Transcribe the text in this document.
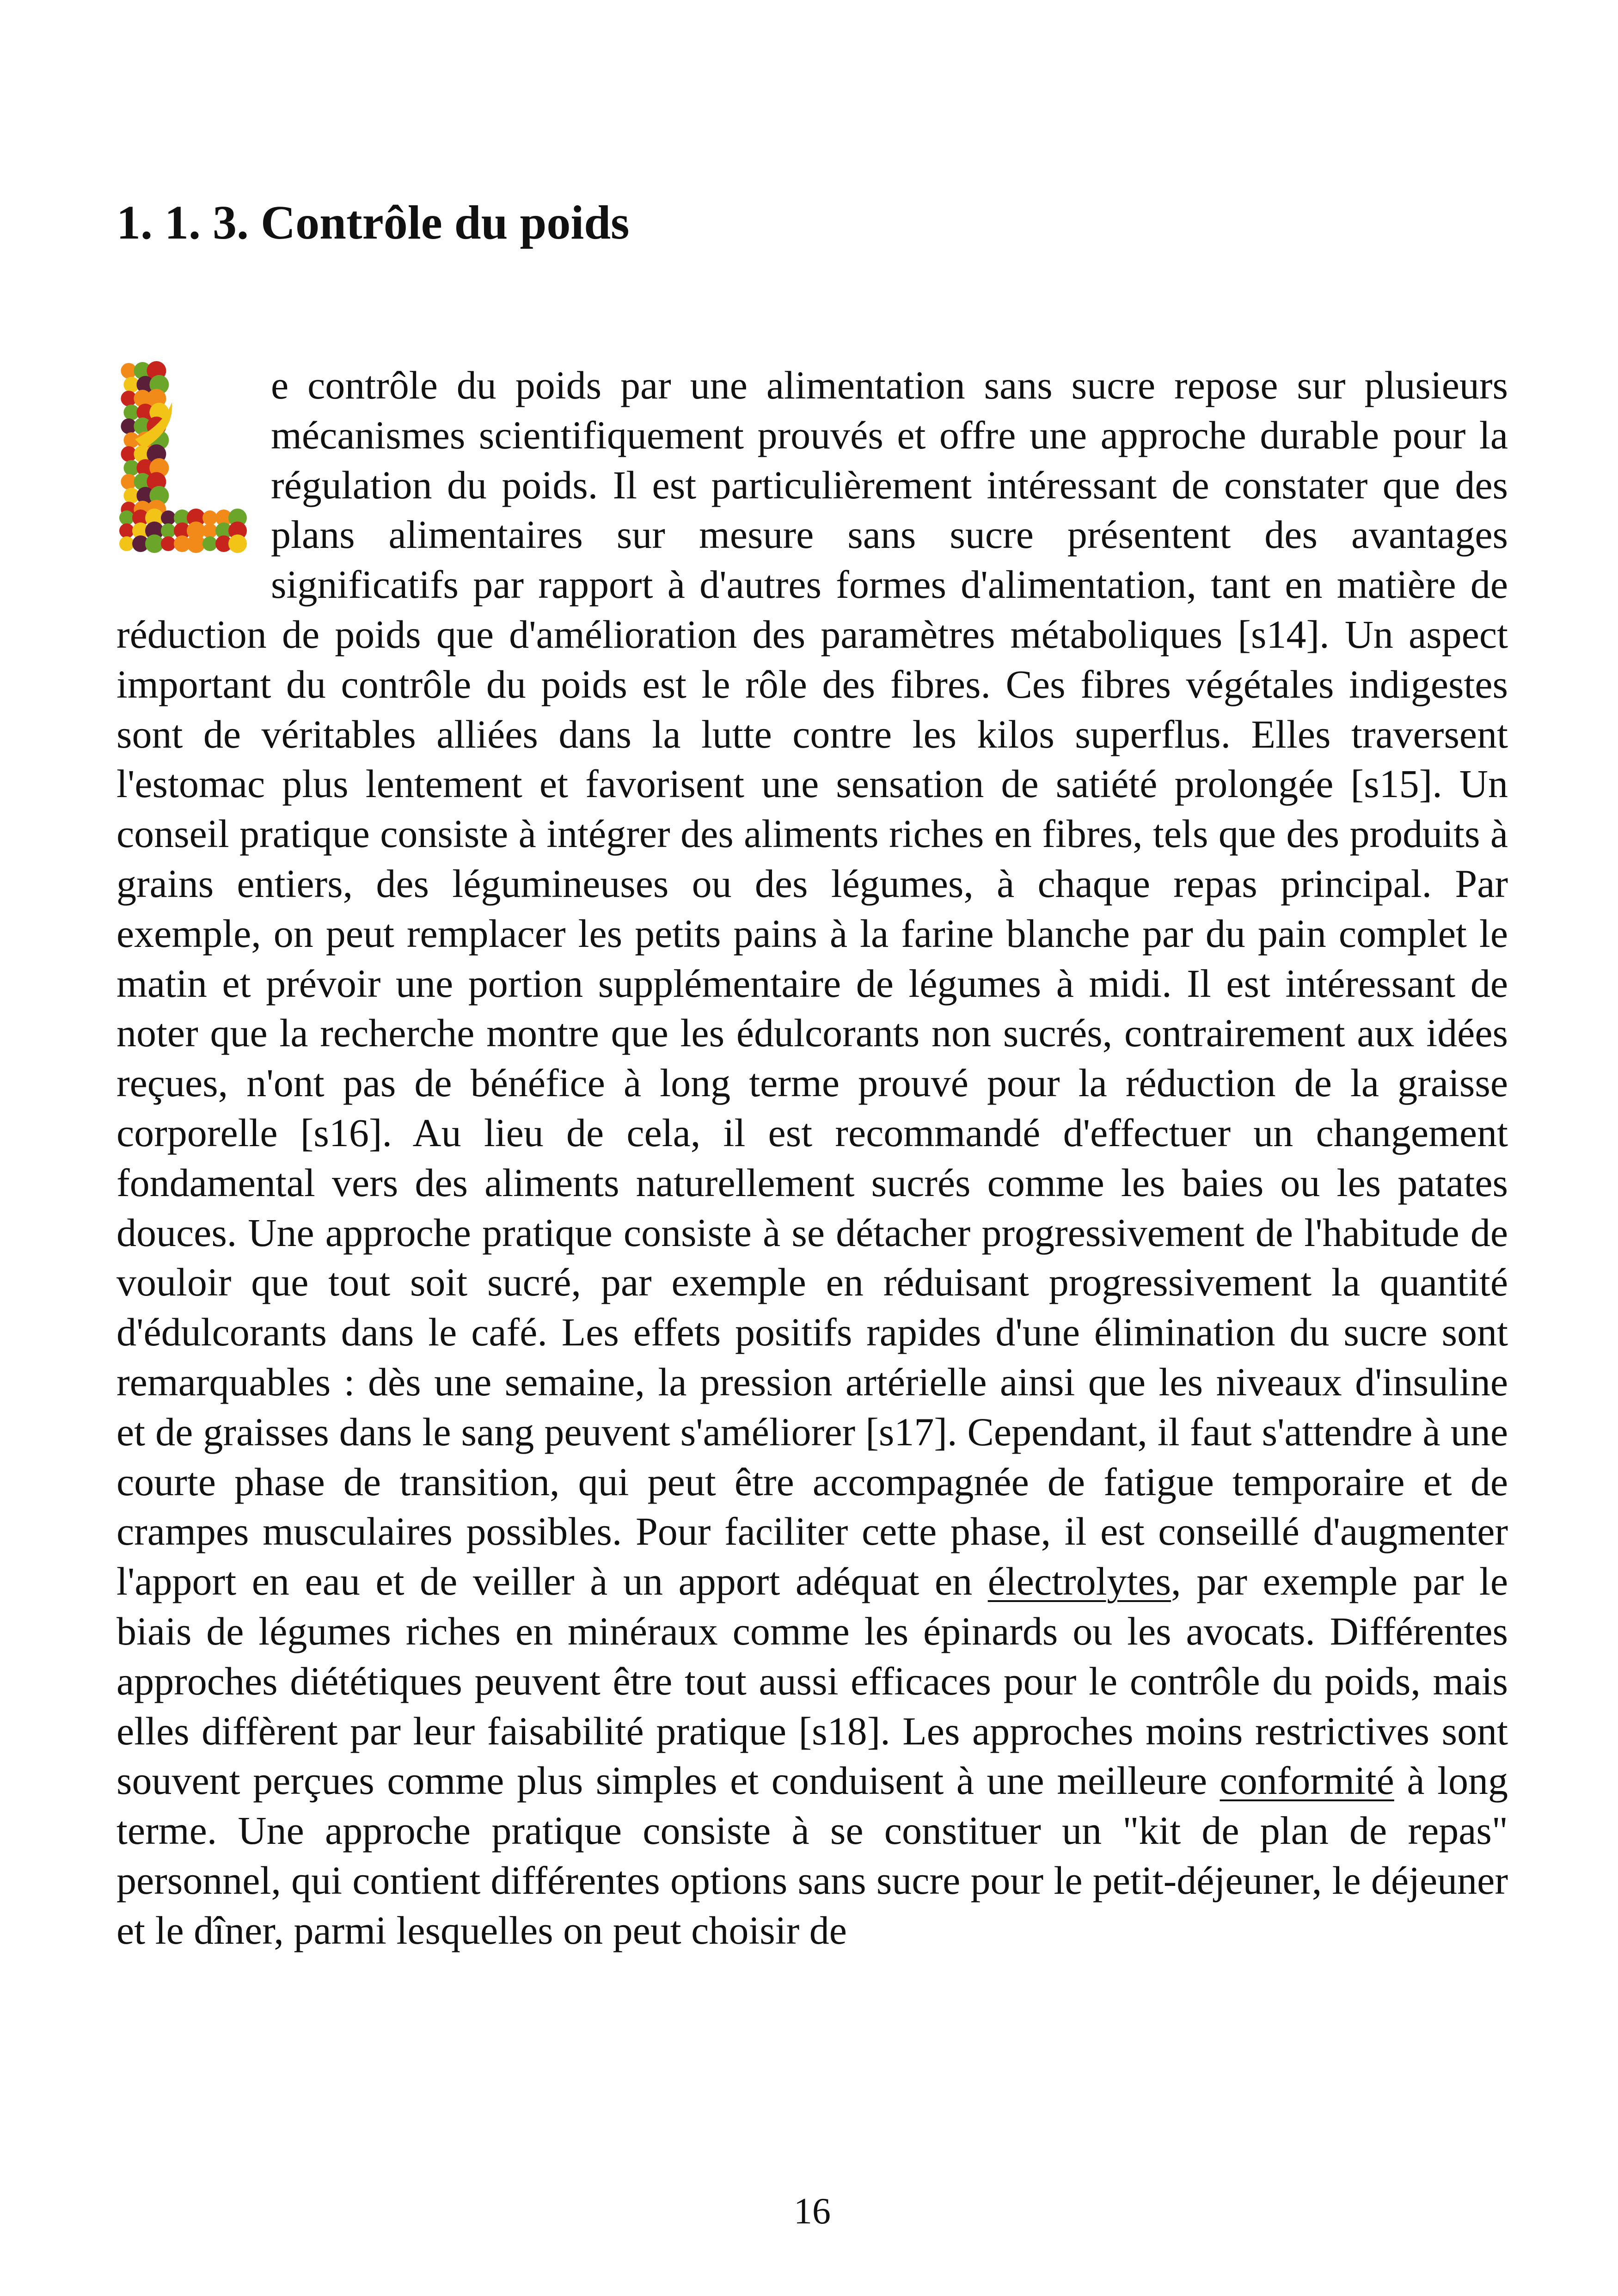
1. 1. 3. Contrôle du poids

e contrôle du poids par une alimentation sans sucre repose sur plusieurs mécanismes scientifiquement prouvés et offre une approche durable pour la régulation du poids. Il est particulièrement intéressant de constater que des plans alimentaires sur mesure sans sucre présentent des avantages significatifs par rapport à d'autres formes d'alimentation, tant en matière de réduction de poids que d'amélioration des paramètres métaboliques [s14]. Un aspect important du contrôle du poids est le rôle des fibres. Ces fibres végétales indigestes sont de véritables alliées dans la lutte contre les kilos superflus. Elles traversent l'estomac plus lentement et favorisent une sensation de satiété prolongée [s15]. Un conseil pratique consiste à intégrer des aliments riches en fibres, tels que des produits à grains entiers, des légumineuses ou des légumes, à chaque repas principal. Par exemple, on peut remplacer les petits pains à la farine blanche par du pain complet le matin et prévoir une portion supplémentaire de légumes à midi. Il est intéressant de noter que la recherche montre que les édulcorants non sucrés, contrairement aux idées reçues, n'ont pas de bénéfice à long terme prouvé pour la réduction de la graisse corporelle [s16]. Au lieu de cela, il est recommandé d'effectuer un changement fondamental vers des aliments naturellement sucrés comme les baies ou les patates douces. Une approche pratique consiste à se détacher progressivement de l'habitude de vouloir que tout soit sucré, par exemple en réduisant progressivement la quantité d'édulcorants dans le café. Les effets positifs rapides d'une élimination du sucre sont remarquables : dès une semaine, la pression artérielle ainsi que les niveaux d'insuline et de graisses dans le sang peuvent s'améliorer [s17]. Cependant, il faut s'attendre à une courte phase de transition, qui peut être accompagnée de fatigue temporaire et de crampes musculaires possibles. Pour faciliter cette phase, il est conseillé d'augmenter l'apport en eau et de veiller à un apport adéquat en électrolytes, par exemple par le biais de légumes riches en minéraux comme les épinards ou les avocats. Différentes approches diététiques peuvent être tout aussi efficaces pour le contrôle du poids, mais elles diffèrent par leur faisabilité pratique [s18]. Les approches moins restrictives sont souvent perçues comme plus simples et conduisent à une meilleure conformité à long terme. Une approche pratique consiste à se constituer un "kit de plan de repas" personnel, qui contient différentes options sans sucre pour le petit-déjeuner, le déjeuner et le dîner, parmi lesquelles on peut choisir de

16
